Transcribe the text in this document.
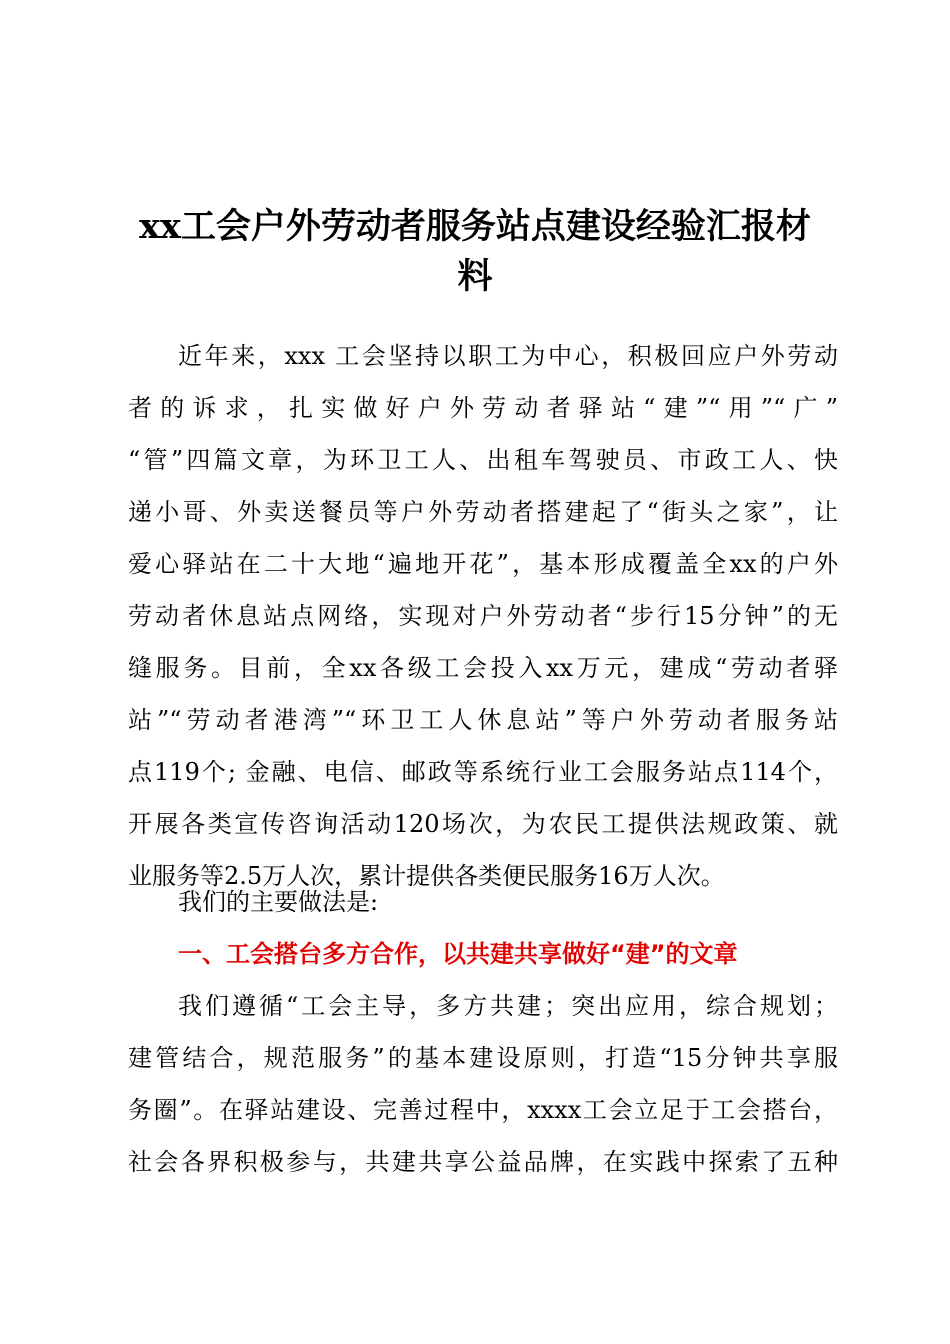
xx工会户外劳动者服务站点建设经验汇报材
料
近年来，xxx 工会坚持以职工为中心，积极回应户外劳动
者的诉求，扎实做好户外劳动者驿站“建”“用”“广”
“管”四篇文章，为环卫工人、出租车驾驶员、市政工人、快
递小哥、外卖送餐员等户外劳动者搭建起了“街头之家”，让
爱心驿站在二十大地“遍地开花”，基本形成覆盖全xx的户外
劳动者休息站点网络，实现对户外劳动者“步行15分钟”的无
缝服务。目前，全xx各级工会投入xx万元，建成“劳动者驿
站”“劳动者港湾”“环卫工人休息站”等户外劳动者服务站
点119个; 金融、电信、邮政等系统行业工会服务站点114个，
开展各类宣传咨询活动120场次，为农民工提供法规政策、就
业服务等2.5万人次，累计提供各类便民服务16万人次。
我们的主要做法是:
一、工会搭台多方合作，以共建共享做好“建”的文章
我们遵循“工会主导，多方共建；突出应用，综合规划；
建管结合，规范服务”的基本建设原则，打造“15分钟共享服
务圈”。在驿站建设、完善过程中，xxxx工会立足于工会搭台，
社会各界积极参与，共建共享公益品牌，在实践中探索了五种
